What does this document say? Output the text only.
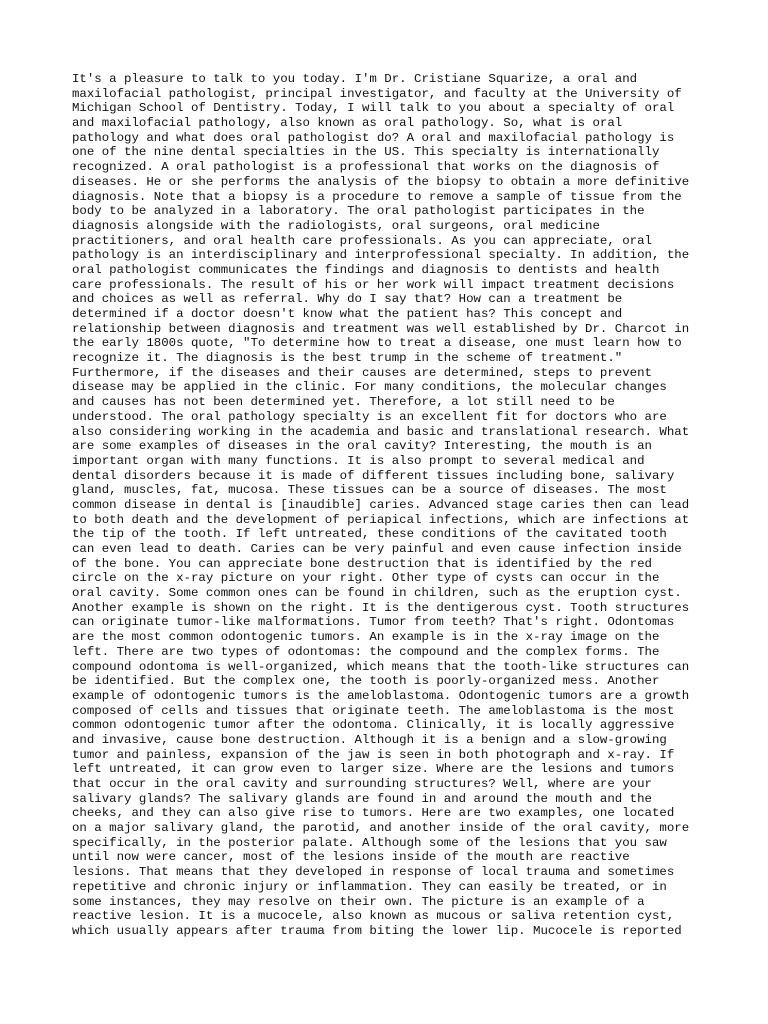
It's a pleasure to talk to you today. I'm Dr. Cristiane Squarize, a oral and
maxilofacial pathologist, principal investigator, and faculty at the University of
Michigan School of Dentistry. Today, I will talk to you about a specialty of oral
and maxilofacial pathology, also known as oral pathology. So, what is oral
pathology and what does oral pathologist do? A oral and maxilofacial pathology is
one of the nine dental specialties in the US. This specialty is internationally
recognized. A oral pathologist is a professional that works on the diagnosis of
diseases. He or she performs the analysis of the biopsy to obtain a more definitive
diagnosis. Note that a biopsy is a procedure to remove a sample of tissue from the
body to be analyzed in a laboratory. The oral pathologist participates in the
diagnosis alongside with the radiologists, oral surgeons, oral medicine
practitioners, and oral health care professionals. As you can appreciate, oral
pathology is an interdisciplinary and interprofessional specialty. In addition, the
oral pathologist communicates the findings and diagnosis to dentists and health
care professionals. The result of his or her work will impact treatment decisions
and choices as well as referral. Why do I say that? How can a treatment be
determined if a doctor doesn't know what the patient has? This concept and
relationship between diagnosis and treatment was well established by Dr. Charcot in
the early 1800s quote, "To determine how to treat a disease, one must learn how to
recognize it. The diagnosis is the best trump in the scheme of treatment."
Furthermore, if the diseases and their causes are determined, steps to prevent
disease may be applied in the clinic. For many conditions, the molecular changes
and causes has not been determined yet. Therefore, a lot still need to be
understood. The oral pathology specialty is an excellent fit for doctors who are
also considering working in the academia and basic and translational research. What
are some examples of diseases in the oral cavity? Interesting, the mouth is an
important organ with many functions. It is also prompt to several medical and
dental disorders because it is made of different tissues including bone, salivary
gland, muscles, fat, mucosa. These tissues can be a source of diseases. The most
common disease in dental is [inaudible] caries. Advanced stage caries then can lead
to both death and the development of periapical infections, which are infections at
the tip of the tooth. If left untreated, these conditions of the cavitated tooth
can even lead to death. Caries can be very painful and even cause infection inside
of the bone. You can appreciate bone destruction that is identified by the red
circle on the x-ray picture on your right. Other type of cysts can occur in the
oral cavity. Some common ones can be found in children, such as the eruption cyst.
Another example is shown on the right. It is the dentigerous cyst. Tooth structures
can originate tumor-like malformations. Tumor from teeth? That's right. Odontomas
are the most common odontogenic tumors. An example is in the x-ray image on the
left. There are two types of odontomas: the compound and the complex forms. The
compound odontoma is well-organized, which means that the tooth-like structures can
be identified. But the complex one, the tooth is poorly-organized mess. Another
example of odontogenic tumors is the ameloblastoma. Odontogenic tumors are a growth
composed of cells and tissues that originate teeth. The ameloblastoma is the most
common odontogenic tumor after the odontoma. Clinically, it is locally aggressive
and invasive, cause bone destruction. Although it is a benign and a slow-growing
tumor and painless, expansion of the jaw is seen in both photograph and x-ray. If
left untreated, it can grow even to larger size. Where are the lesions and tumors
that occur in the oral cavity and surrounding structures? Well, where are your
salivary glands? The salivary glands are found in and around the mouth and the
cheeks, and they can also give rise to tumors. Here are two examples, one located
on a major salivary gland, the parotid, and another inside of the oral cavity, more
specifically, in the posterior palate. Although some of the lesions that you saw
until now were cancer, most of the lesions inside of the mouth are reactive
lesions. That means that they developed in response of local trauma and sometimes
repetitive and chronic injury or inflammation. They can easily be treated, or in
some instances, they may resolve on their own. The picture is an example of a
reactive lesion. It is a mucocele, also known as mucous or saliva retention cyst,
which usually appears after trauma from biting the lower lip. Mucocele is reported
